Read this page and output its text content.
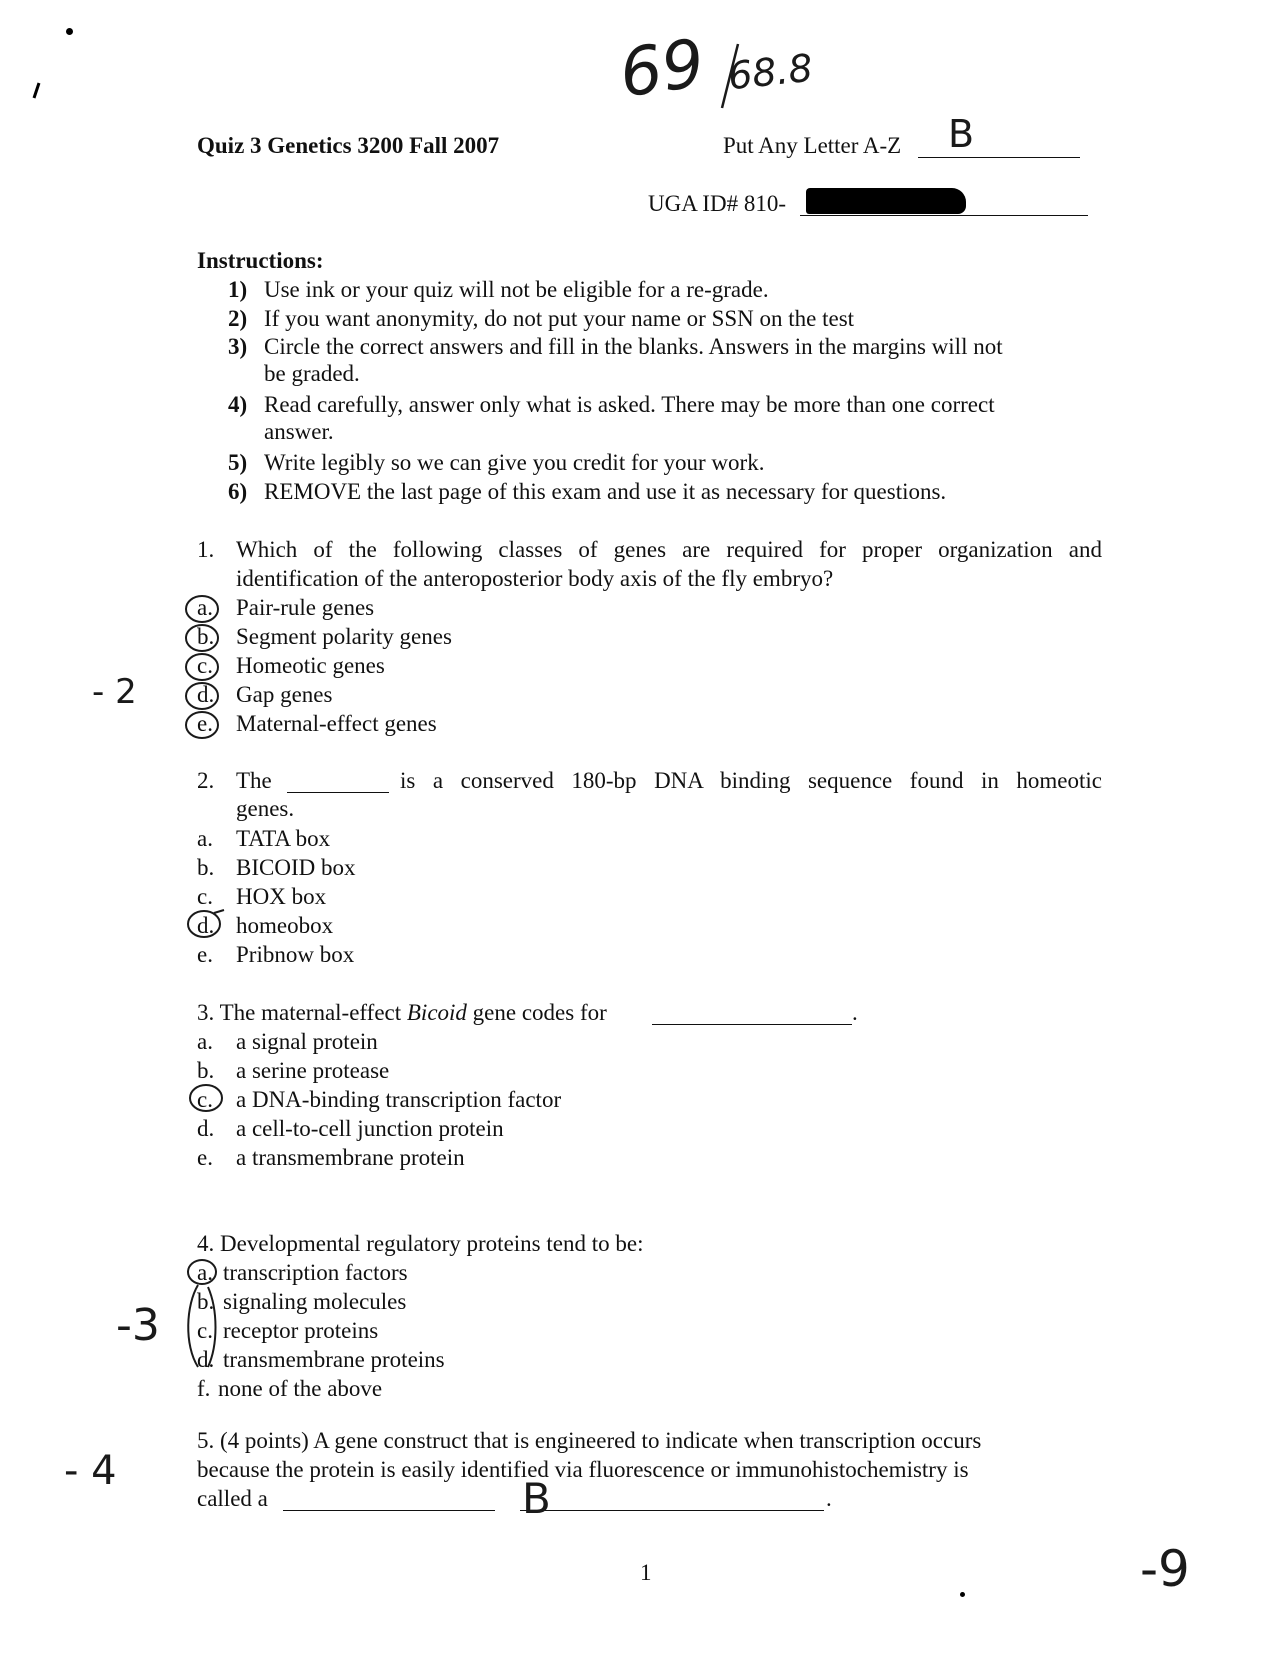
Quiz 3 Genetics 3200 Fall 2007	Put Any Letter A-Z B
UGA ID# 810-
69 68.8
Instructions:
1) Use ink or your quiz will not be eligible for a re-grade.
2) If you want anonymity, do not put your name or SSN on the test
3) Circle the correct answers and fill in the blanks. Answers in the margins will not
be graded.
4) Read carefully, answer only what is asked. There may be more than one correct
answer.
5) Write legibly so we can give you credit for your work.
6) REMOVE the last page of this exam and use it as necessary for questions.
1. Which of the following classes of genes are required for proper organization and
identification of the anteroposterior body axis of the fly embryo?
a. Pair-rule genes
b. Segment polarity genes
c. Homeotic genes
d. Gap genes
e. Maternal-effect genes
- 2
2. The	is a conserved 180-bp DNA binding sequence found in homeotic
genes.
a. TATA box
b. BICOID box
c. HOX box
d. homeobox
e. Pribnow box
3. The maternal-effect Bicoid gene codes for	.
a. a signal protein
b. a serine protease
c. a DNA-binding transcription factor
d. a cell-to-cell junction protein
e. a transmembrane protein
4. Developmental regulatory proteins tend to be:
a. transcription factors
b. signaling molecules
c. receptor proteins
d. transmembrane proteins
f. none of the above
-3
5. (4 points) A gene construct that is engineered to indicate when transcription occurs
because the protein is easily identified via fluorescence or immunohistochemistry is
called a	.
B
- 4
1	-9
